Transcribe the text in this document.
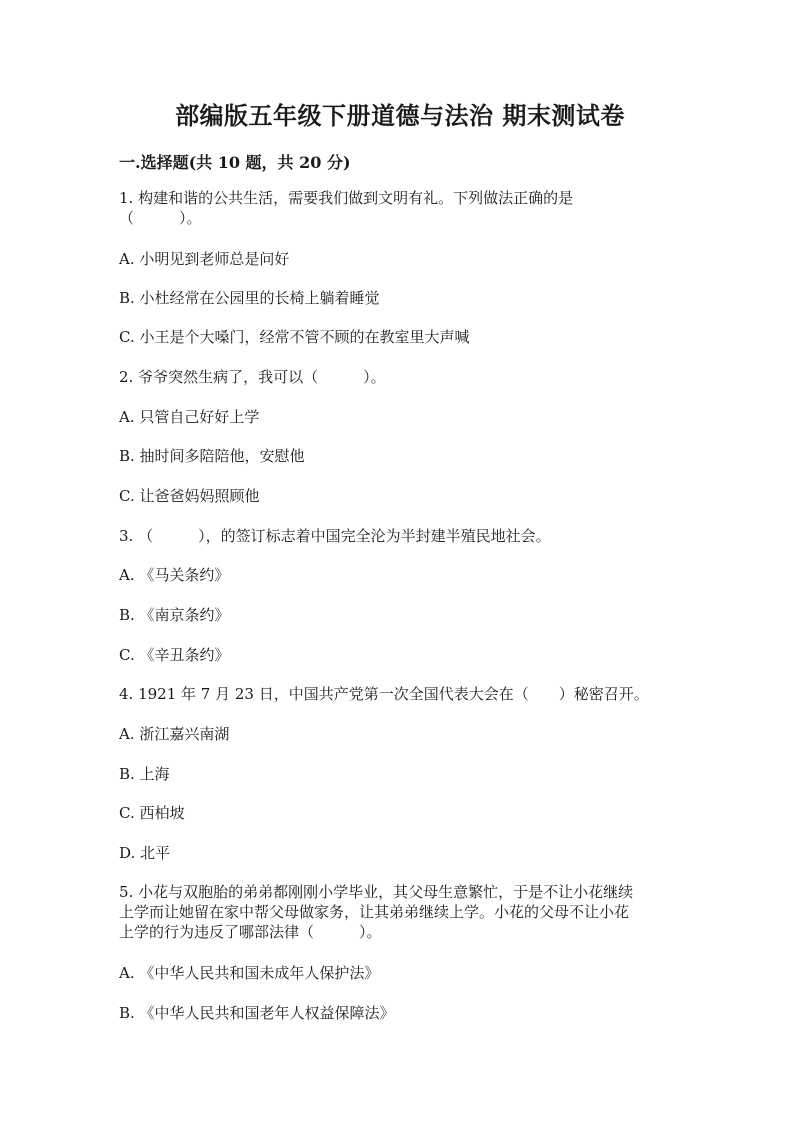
部编版五年级下册道德与法治 期末测试卷
一.选择题(共 10 题，共 20 分)
1. 构建和谐的公共生活，需要我们做到文明有礼。下列做法正确的是
（　　　）。
A. 小明见到老师总是问好
B. 小杜经常在公园里的长椅上躺着睡觉
C. 小王是个大嗓门，经常不管不顾的在教室里大声喊
2. 爷爷突然生病了，我可以（　　　）。
A. 只管自己好好上学
B. 抽时间多陪陪他，安慰他
C. 让爸爸妈妈照顾他
3. （　　　），的签订标志着中国完全沦为半封建半殖民地社会。
A. 《马关条约》
B. 《南京条约》
C. 《辛丑条约》
4. 1921 年 7 月 23 日，中国共产党第一次全国代表大会在（　　）秘密召开。
A. 浙江嘉兴南湖
B. 上海
C. 西柏坡
D. 北平
5. 小花与双胞胎的弟弟都刚刚小学毕业，其父母生意繁忙，于是不让小花继续
上学而让她留在家中帮父母做家务，让其弟弟继续上学。小花的父母不让小花
上学的行为违反了哪部法律（　　　）。
A. 《中华人民共和国未成年人保护法》
B. 《中华人民共和国老年人权益保障法》
